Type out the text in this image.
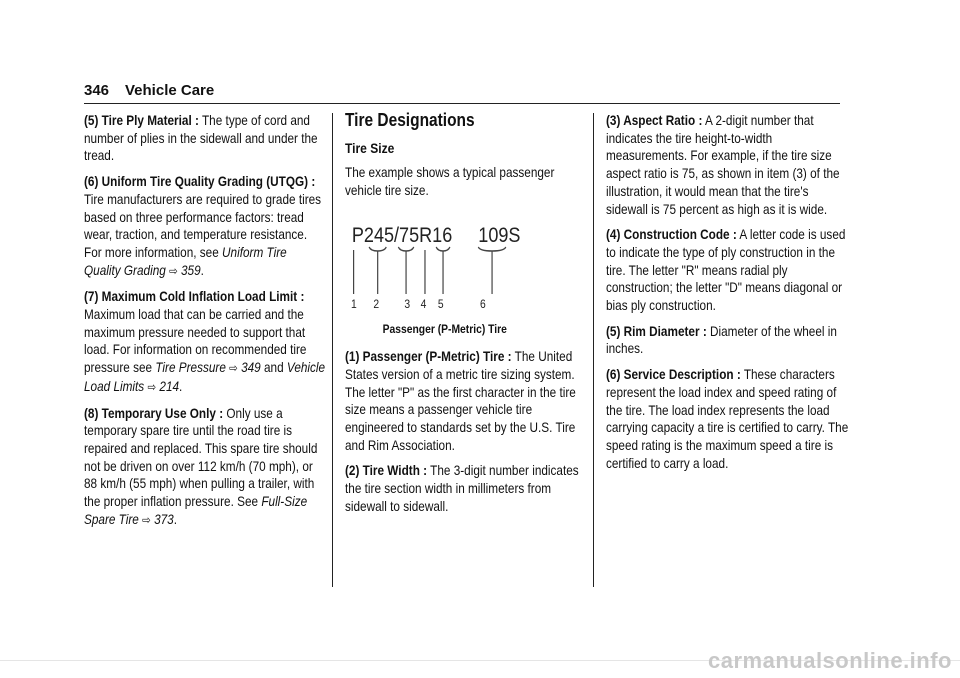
346 Vehicle Care

(5) Tire Ply Material : The type of cord and number of plies in the sidewall and under the tread.

(6) Uniform Tire Quality Grading (UTQG) : Tire manufacturers are required to grade tires based on three performance factors: tread wear, traction, and temperature resistance. For more information, see Uniform Tire Quality Grading ⇨ 359.

(7) Maximum Cold Inflation Load Limit : Maximum load that can be carried and the maximum pressure needed to support that load. For information on recommended tire pressure see Tire Pressure ⇨ 349 and Vehicle Load Limits ⇨ 214.

(8) Temporary Use Only : Only use a temporary spare tire until the road tire is repaired and replaced. This spare tire should not be driven on over 112 km/h (70 mph), or 88 km/h (55 mph) when pulling a trailer, with the proper inflation pressure. See Full-Size Spare Tire ⇨ 373.

Tire Designations
Tire Size

The example shows a typical passenger vehicle tire size.

P245/75R16 109S
1 2 3 4 5	6
Passenger (P-Metric) Tire

(1) Passenger (P-Metric) Tire : The United States version of a metric tire sizing system. The letter "P" as the first character in the tire size means a passenger vehicle tire engineered to standards set by the U.S. Tire and Rim Association.

(2) Tire Width : The 3-digit number indicates the tire section width in millimeters from sidewall to sidewall.

(3) Aspect Ratio : A 2-digit number that indicates the tire height-to-width measurements. For example, if the tire size aspect ratio is 75, as shown in item (3) of the illustration, it would mean that the tire's sidewall is 75 percent as high as it is wide.

(4) Construction Code : A letter code is used to indicate the type of ply construction in the tire. The letter "R" means radial ply construction; the letter "D" means diagonal or bias ply construction.

(5) Rim Diameter : Diameter of the wheel in inches.

(6) Service Description : These characters represent the load index and speed rating of the tire. The load index represents the load carrying capacity a tire is certified to carry. The speed rating is the maximum speed a tire is certified to carry a load.

carmanualsonline.info
